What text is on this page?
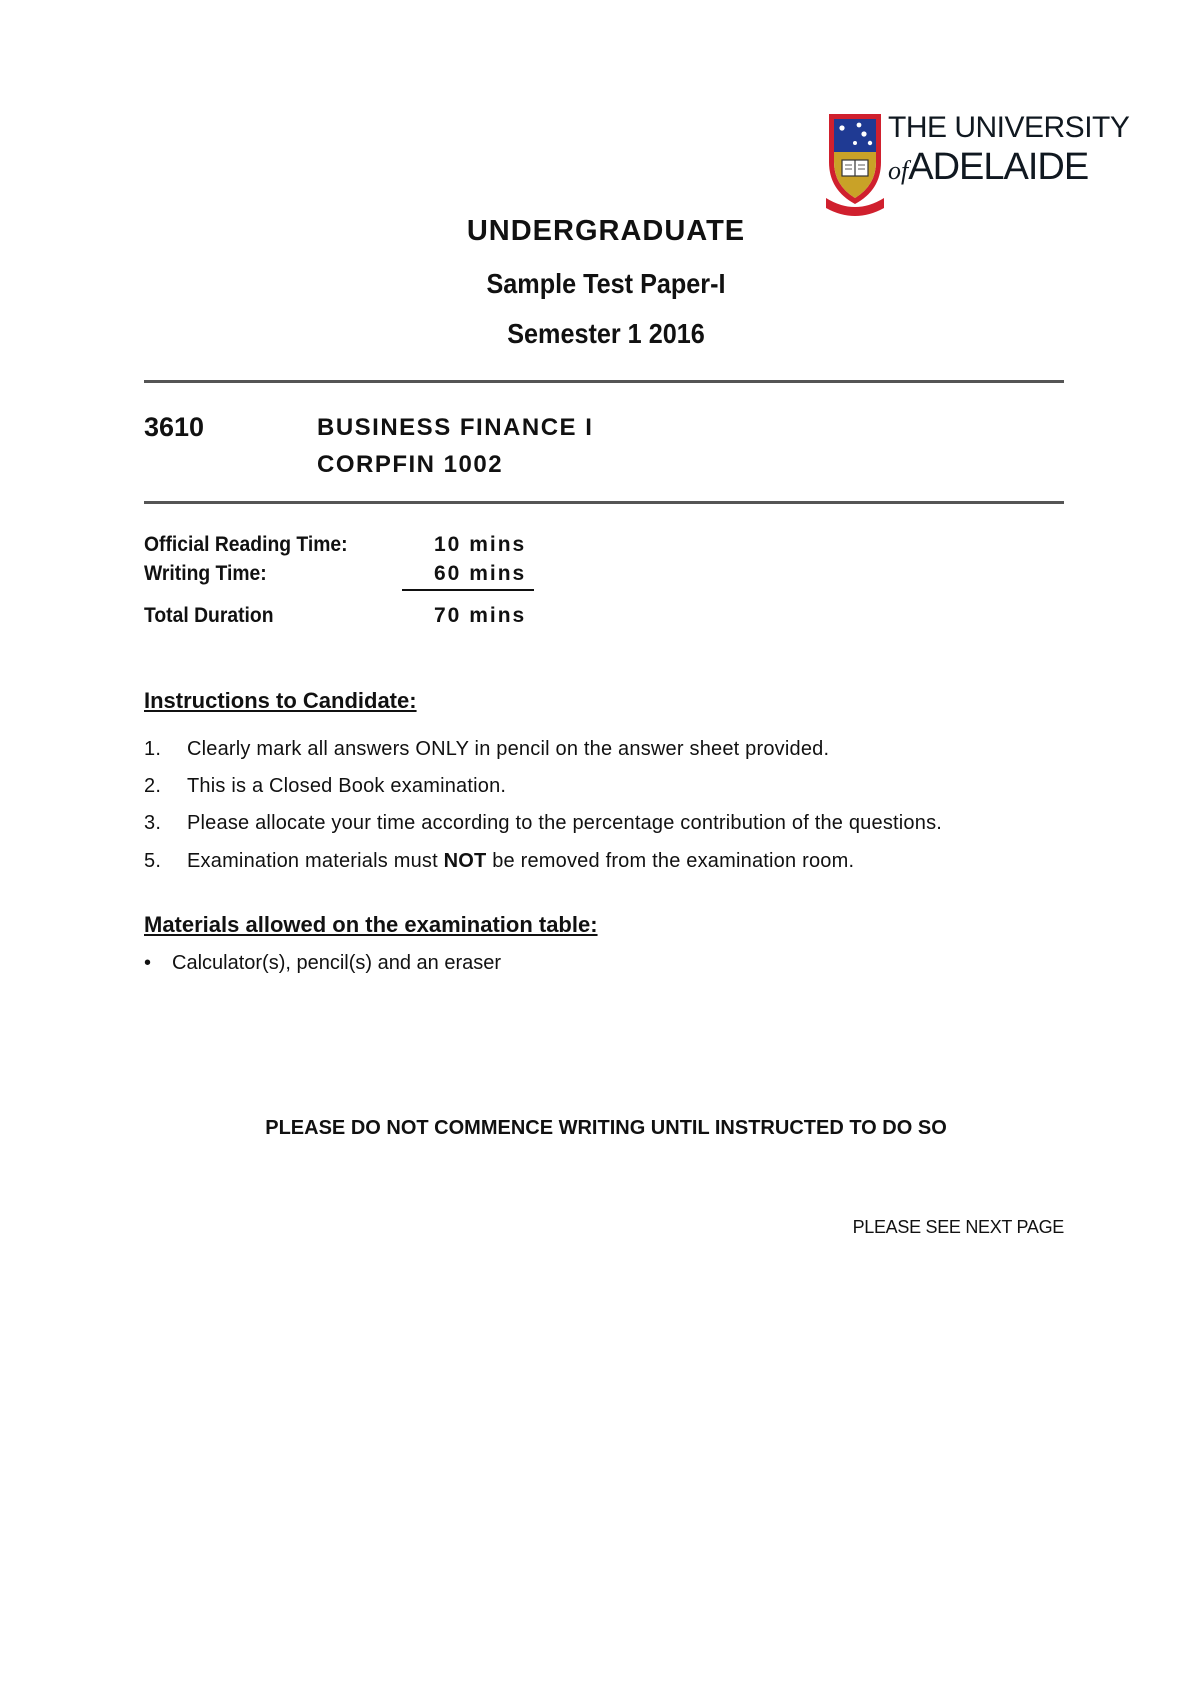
THE UNIVERSITY
ofADELAIDE
UNDERGRADUATE
Sample Test Paper-I
Semester 1 2016
3610	BUSINESS FINANCE I
CORPFIN 1002
Official Reading Time:	10 mins
Writing Time:	60 mins
Total Duration	70 mins
Instructions to Candidate:
1. Clearly mark all answers ONLY in pencil on the answer sheet provided.
2. This is a Closed Book examination.
3. Please allocate your time according to the percentage contribution of the questions.
5. Examination materials must NOT be removed from the examination room.
Materials allowed on the examination table:
• Calculator(s), pencil(s) and an eraser
PLEASE DO NOT COMMENCE WRITING UNTIL INSTRUCTED TO DO SO
PLEASE SEE NEXT PAGE
